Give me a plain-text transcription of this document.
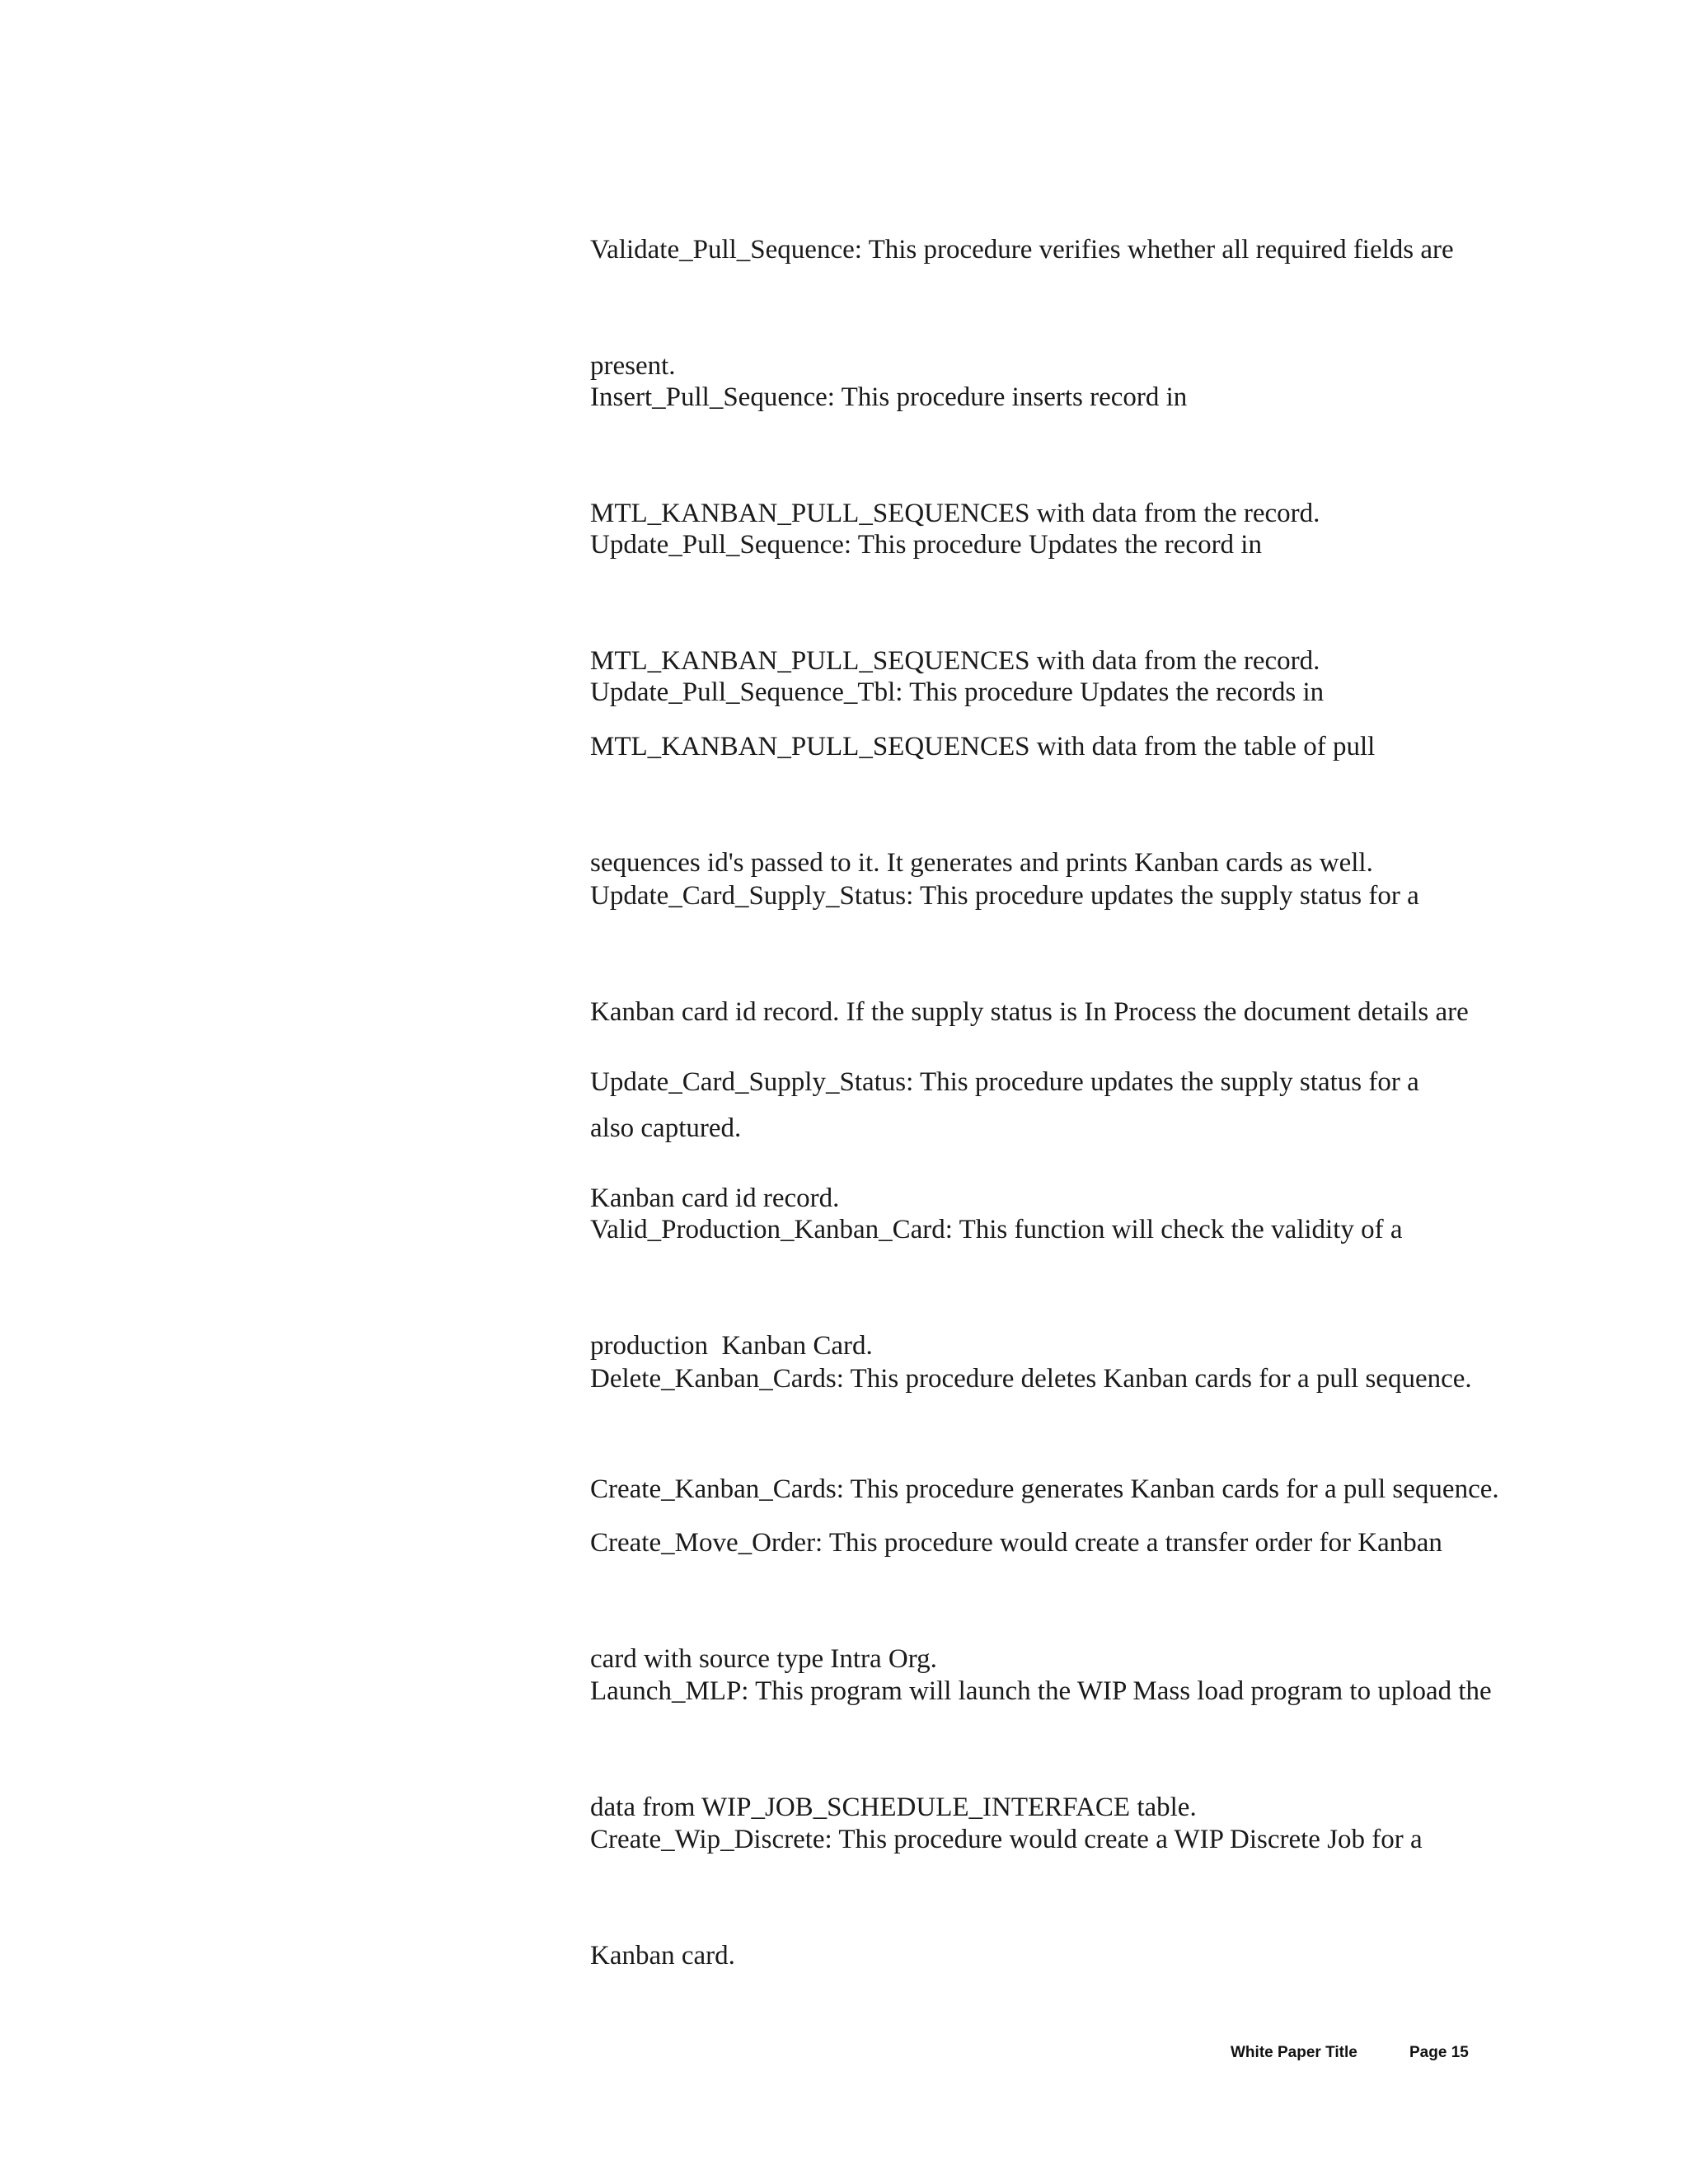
Validate_Pull_Sequence: This procedure verifies whether all required fields are

present.

Insert_Pull_Sequence: This procedure inserts record in

MTL_KANBAN_PULL_SEQUENCES with data from the record.

Update_Pull_Sequence: This procedure Updates the record in

MTL_KANBAN_PULL_SEQUENCES with data from the record.

Update_Pull_Sequence_Tbl: This procedure Updates the records in

MTL_KANBAN_PULL_SEQUENCES with data from the table of pull

sequences id's passed to it. It generates and prints Kanban cards as well.

Update_Card_Supply_Status: This procedure updates the supply status for a

Kanban card id record. If the supply status is In Process the document details are

also captured.

Update_Card_Supply_Status: This procedure updates the supply status for a

Kanban card id record.

Valid_Production_Kanban_Card: This function will check the validity of a

production  Kanban Card.

Delete_Kanban_Cards: This procedure deletes Kanban cards for a pull sequence.

Create_Kanban_Cards: This procedure generates Kanban cards for a pull sequence.

Create_Move_Order: This procedure would create a transfer order for Kanban

card with source type Intra Org.

Launch_MLP: This program will launch the WIP Mass load program to upload the

data from WIP_JOB_SCHEDULE_INTERFACE table.

Create_Wip_Discrete: This procedure would create a WIP Discrete Job for a

Kanban card.

White Paper Title	Page 15
